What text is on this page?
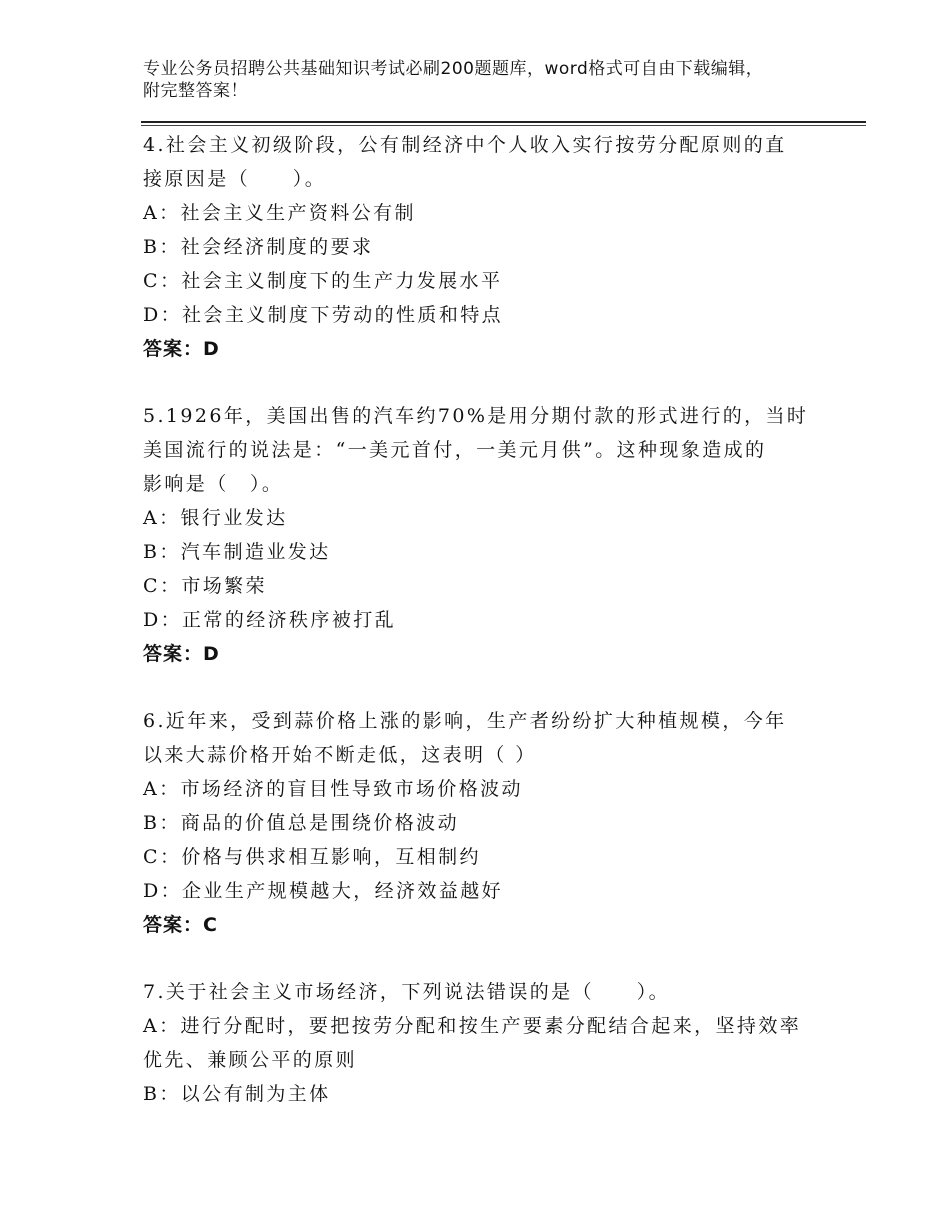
专业公务员招聘公共基础知识考试必刷200题题库，word格式可自由下载编辑，
附完整答案！
4.社会主义初级阶段，公有制经济中个人收入实行按劳分配原则的直
接原因是（　　）。
A：社会主义生产资料公有制
B：社会经济制度的要求
C：社会主义制度下的生产力发展水平
D：社会主义制度下劳动的性质和特点
答案：D
5.1926年，美国出售的汽车约70%是用分期付款的形式进行的，当时
美国流行的说法是：“一美元首付，一美元月供”。这种现象造成的
影响是（　）。
A：银行业发达
B：汽车制造业发达
C：市场繁荣
D：正常的经济秩序被打乱
答案：D
6.近年来，受到蒜价格上涨的影响，生产者纷纷扩大种植规模，今年
以来大蒜价格开始不断走低，这表明（ ）
A：市场经济的盲目性导致市场价格波动
B：商品的价值总是围绕价格波动
C：价格与供求相互影响，互相制约
D：企业生产规模越大，经济效益越好
答案：C
7.关于社会主义市场经济，下列说法错误的是（　　）。
A：进行分配时，要把按劳分配和按生产要素分配结合起来，坚持效率
优先、兼顾公平的原则
B：以公有制为主体
